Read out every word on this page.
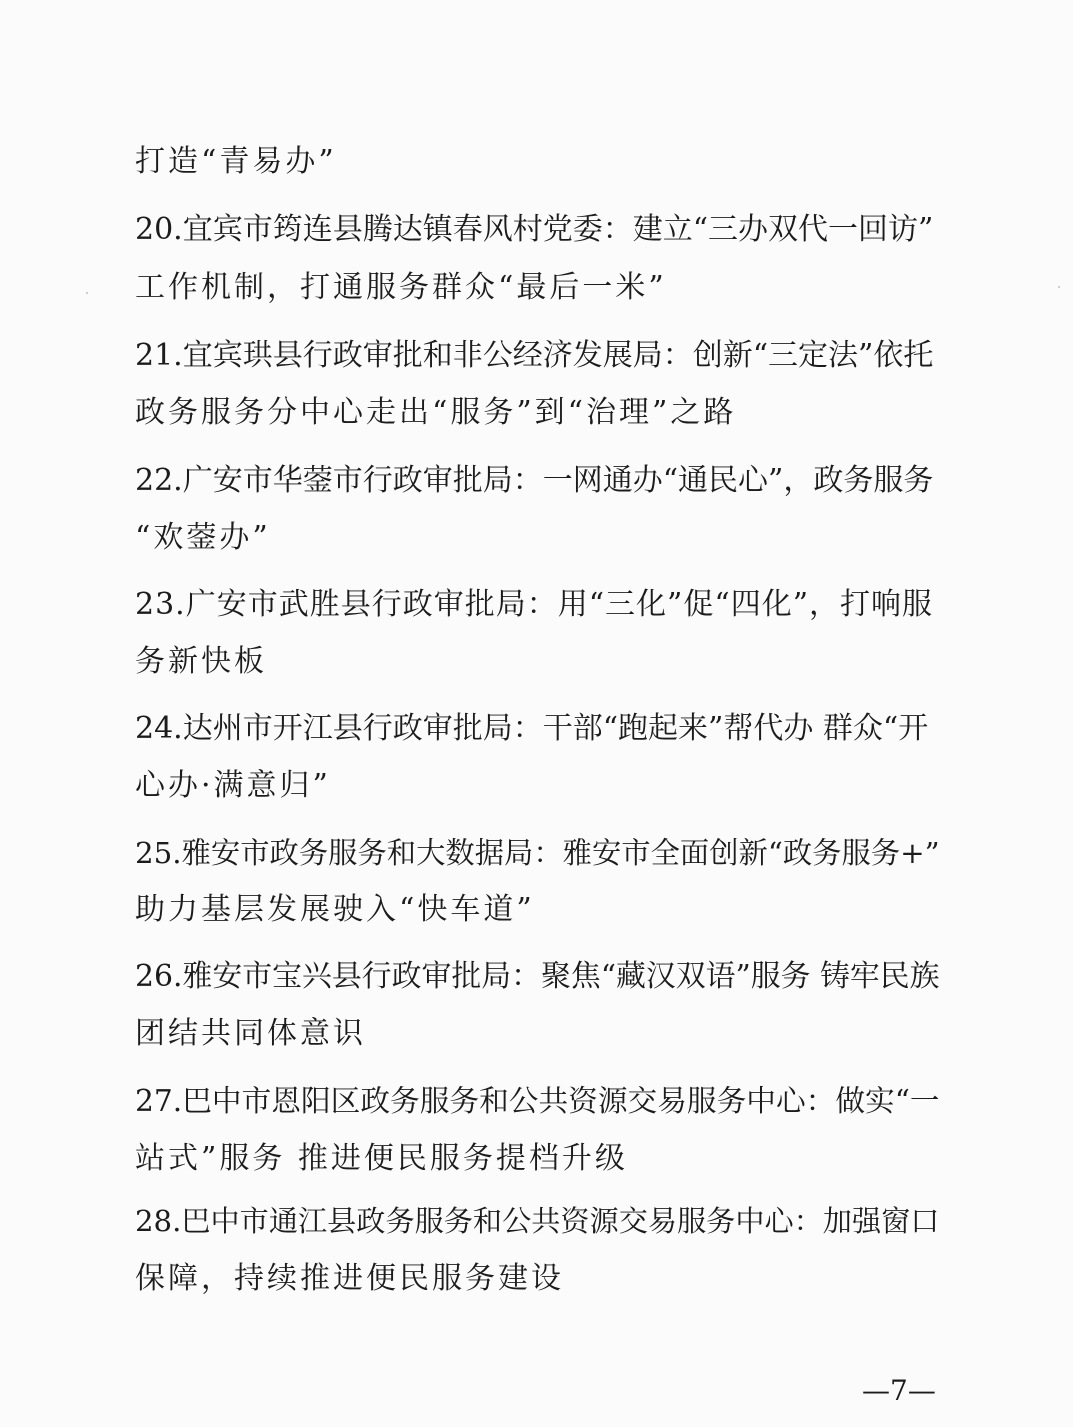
打造“青易办”
20.宜宾市筠连县腾达镇春风村党委：建立“三办双代一回访”
工作机制，打通服务群众“最后一米”
21.宜宾珙县行政审批和非公经济发展局：创新“三定法”依托
政务服务分中心走出“服务”到“治理”之路
22.广安市华蓥市行政审批局：一网通办“通民心”，政务服务
“欢蓥办”
23.广安市武胜县行政审批局：用“三化”促“四化”，打响服
务新快板
24.达州市开江县行政审批局：干部“跑起来”帮代办 群众“开
心办·满意归”
25.雅安市政务服务和大数据局：雅安市全面创新“政务服务+”
助力基层发展驶入“快车道”
26.雅安市宝兴县行政审批局：聚焦“藏汉双语”服务 铸牢民族
团结共同体意识
27.巴中市恩阳区政务服务和公共资源交易服务中心：做实“一
站式”服务 推进便民服务提档升级
28.巴中市通江县政务服务和公共资源交易服务中心：加强窗口
保障，持续推进便民服务建设
—7—
